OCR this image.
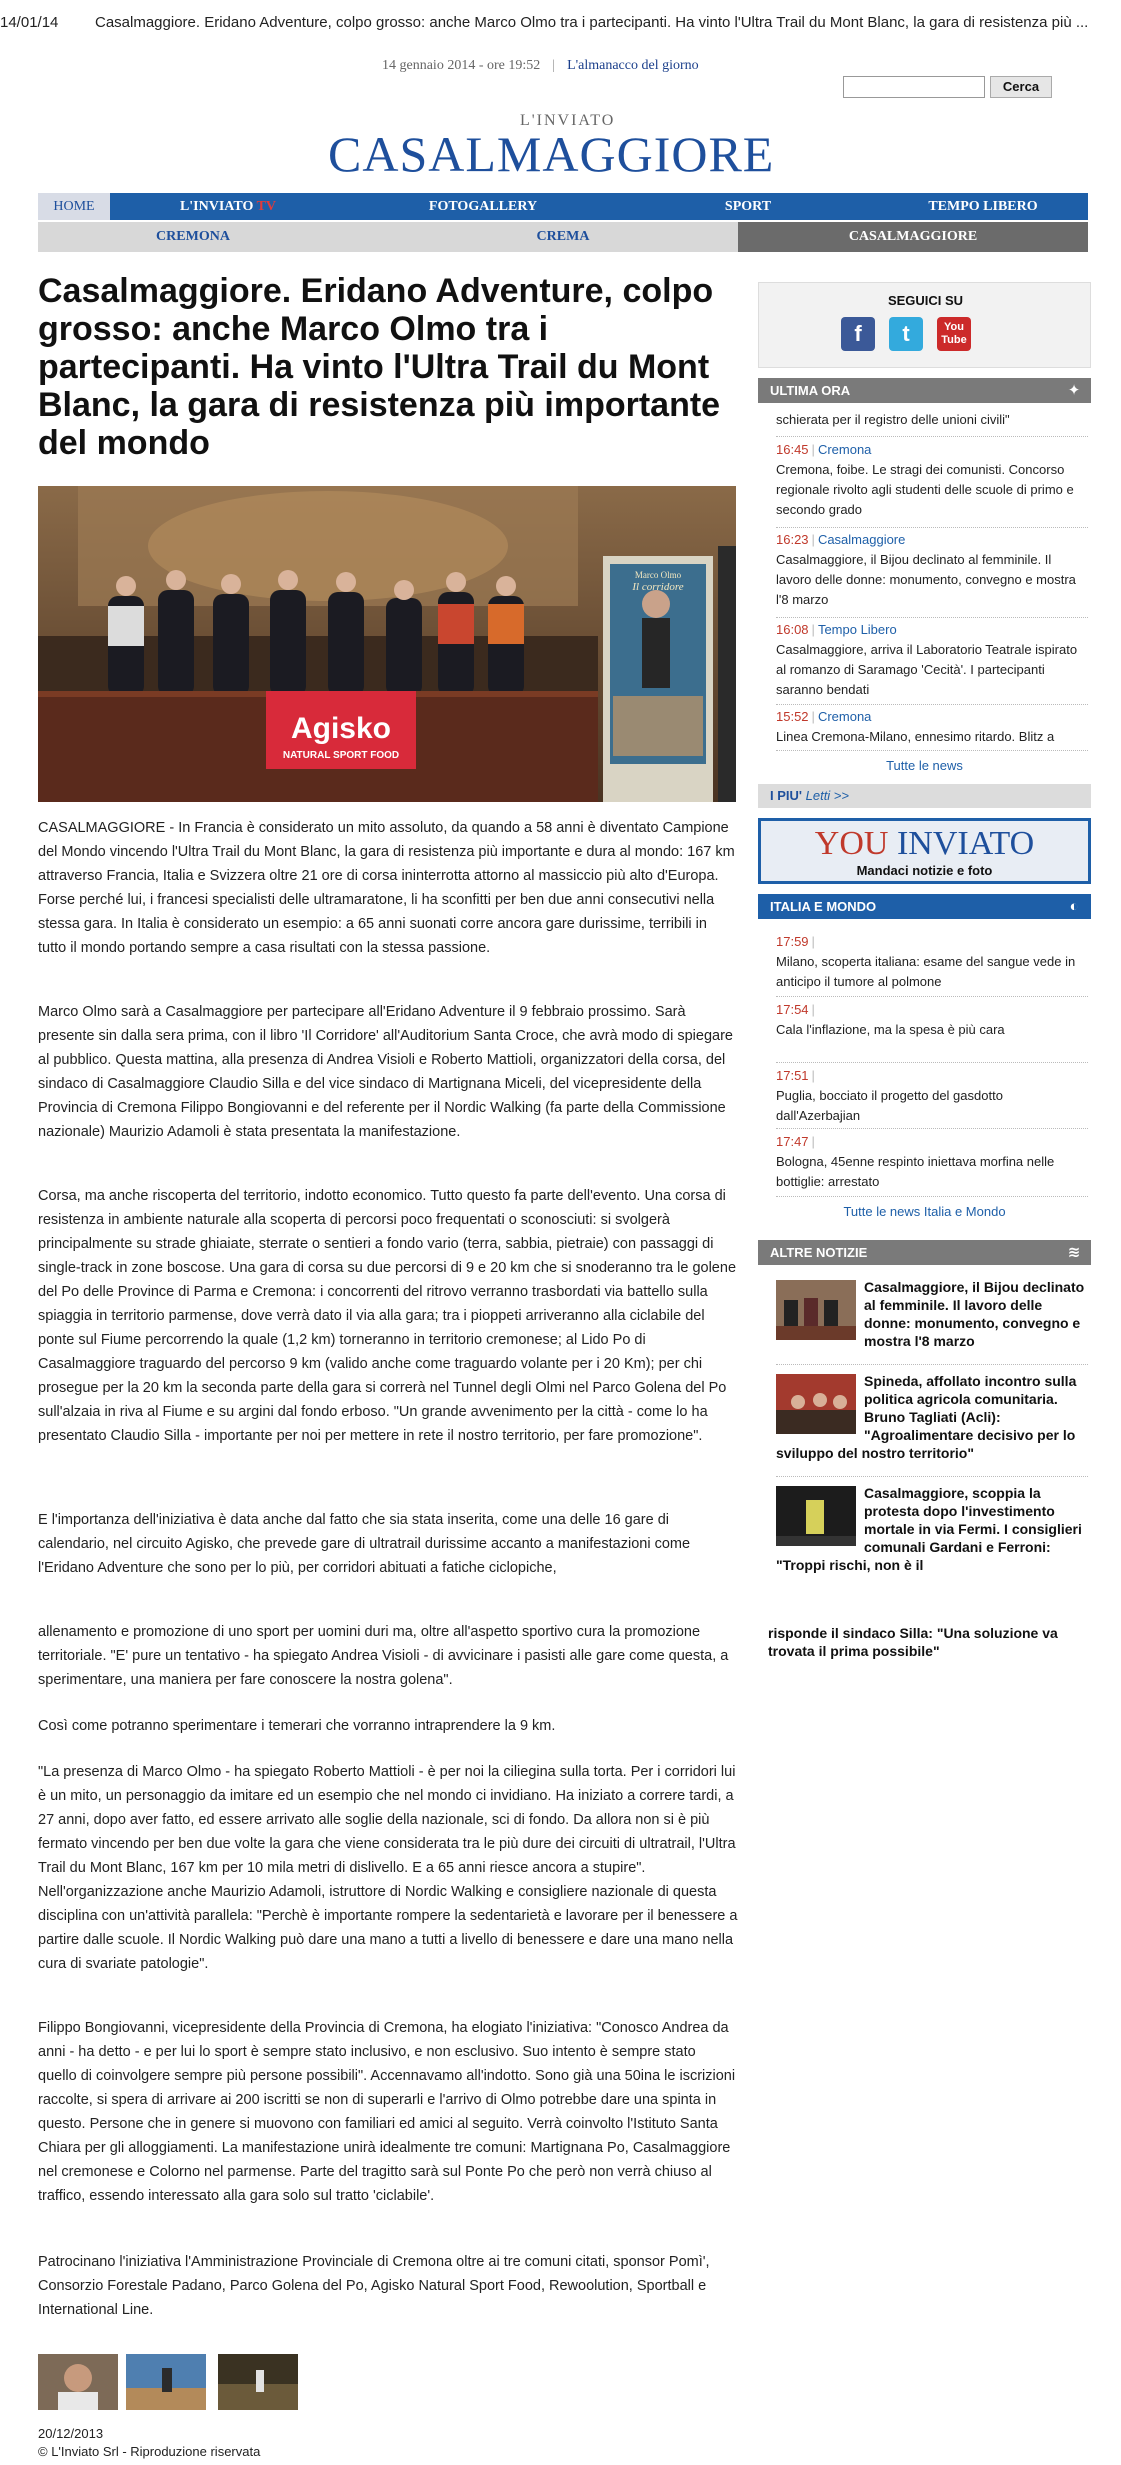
14/01/14 Casalmaggiore. Eridano Adventure, colpo grosso: anche Marco Olmo tra i partecipanti. Ha vinto l'Ultra Trail du Mont Blanc, la gara di resistenza più ...
14 gennaio 2014 - ore 19:52 | L'almanacco del giorno
Cerca
L'INVIATO
CASALMAGGIORE
HOME	L'INVIATO TV	FOTOGALLERY	SPORT	TEMPO LIBERO
CREMONA	CREMA	CASALMAGGIORE
Casalmaggiore. Eridano Adventure, colpo grosso: anche Marco Olmo tra i partecipanti. Ha vinto l'Ultra Trail du Mont Blanc, la gara di resistenza più importante del mondo
Agisko
NATURAL SPORT FOOD
Marco Olmo
Il corridore
CASALMAGGIORE - In Francia è considerato un mito assoluto, da quando a 58 anni è diventato Campione del Mondo vincendo l'Ultra Trail du Mont Blanc, la gara di resistenza più importante e dura al mondo: 167 km attraverso Francia, Italia e Svizzera oltre 21 ore di corsa ininterrotta attorno al massiccio più alto d'Europa. Forse perché lui, i francesi specialisti delle ultramaratone, li ha sconfitti per ben due anni consecutivi nella stessa gara. In Italia è considerato un esempio: a 65 anni suonati corre ancora gare durissime, terribili in tutto il mondo portando sempre a casa risultati con la stessa passione.
Marco Olmo sarà a Casalmaggiore per partecipare all'Eridano Adventure il 9 febbraio prossimo. Sarà presente sin dalla sera prima, con il libro 'Il Corridore' all'Auditorium Santa Croce, che avrà modo di spiegare al pubblico. Questa mattina, alla presenza di Andrea Visioli e Roberto Mattioli, organizzatori della corsa, del sindaco di Casalmaggiore Claudio Silla e del vice sindaco di Martignana Miceli, del vicepresidente della Provincia di Cremona Filippo Bongiovanni e del referente per il Nordic Walking (fa parte della Commissione nazionale) Maurizio Adamoli è stata presentata la manifestazione.
Corsa, ma anche riscoperta del territorio, indotto economico. Tutto questo fa parte dell'evento. Una corsa di resistenza in ambiente naturale alla scoperta di percorsi poco frequentati o sconosciuti: si svolgerà principalmente su strade ghiaiate, sterrate o sentieri a fondo vario (terra, sabbia, pietraie) con passaggi di single-track in zone boscose. Una gara di corsa su due percorsi di 9 e 20 km che si snoderanno tra le golene del Po delle Province di Parma e Cremona: i concorrenti del ritrovo verranno trasbordati via battello sulla spiaggia in territorio parmense, dove verrà dato il via alla gara; tra i pioppeti arriveranno alla ciclabile del ponte sul Fiume percorrendo la quale (1,2 km) torneranno in territorio cremonese; al Lido Po di Casalmaggiore traguardo del percorso 9 km (valido anche come traguardo volante per i 20 Km); per chi prosegue per la 20 km la seconda parte della gara si correrà nel Tunnel degli Olmi nel Parco Golena del Po sull'alzaia in riva al Fiume e su argini dal fondo erboso. "Un grande avvenimento per la città - come lo ha presentato Claudio Silla - importante per noi per mettere in rete il nostro territorio, per fare promozione".
E l'importanza dell'iniziativa è data anche dal fatto che sia stata inserita, come una delle 16 gare di calendario, nel circuito Agisko, che prevede gare di ultratrail durissime accanto a manifestazioni come l'Eridano Adventure che sono per lo più, per corridori abituati a fatiche ciclopiche,
allenamento e promozione di uno sport per uomini duri ma, oltre all'aspetto sportivo cura la promozione territoriale. "E' pure un tentativo - ha spiegato Andrea Visioli - di avvicinare i pasisti alle gare come questa, a sperimentare, una maniera per fare conoscere la nostra golena".
Così come potranno sperimentare i temerari che vorranno intraprendere la 9 km.
"La presenza di Marco Olmo - ha spiegato Roberto Mattioli - è per noi la ciliegina sulla torta. Per i corridori lui è un mito, un personaggio da imitare ed un esempio che nel mondo ci invidiano. Ha iniziato a correre tardi, a 27 anni, dopo aver fatto, ed essere arrivato alle soglie della nazionale, sci di fondo. Da allora non si è più fermato vincendo per ben due volte la gara che viene considerata tra le più dure dei circuiti di ultratrail, l'Ultra Trail du Mont Blanc, 167 km per 10 mila metri di dislivello. E a 65 anni riesce ancora a stupire". Nell'organizzazione anche Maurizio Adamoli, istruttore di Nordic Walking e consigliere nazionale di questa disciplina con un'attività parallela: "Perchè è importante rompere la sedentarietà e lavorare per il benessere a partire dalle scuole. Il Nordic Walking può dare una mano a tutti a livello di benessere e dare una mano nella cura di svariate patologie".
Filippo Bongiovanni, vicepresidente della Provincia di Cremona, ha elogiato l'iniziativa: "Conosco Andrea da anni - ha detto - e per lui lo sport è sempre stato inclusivo, e non esclusivo. Suo intento è sempre stato quello di coinvolgere sempre più persone possibili". Accennavamo all'indotto. Sono già una 50ina le iscrizioni raccolte, si spera di arrivare ai 200 iscritti se non di superarli e l'arrivo di Olmo potrebbe dare una spinta in questo. Persone che in genere si muovono con familiari ed amici al seguito. Verrà coinvolto l'Istituto Santa Chiara per gli alloggiamenti. La manifestazione unirà idealmente tre comuni: Martignana Po, Casalmaggiore nel cremonese e Colorno nel parmense. Parte del tragitto sarà sul Ponte Po che però non verrà chiuso al traffico, essendo interessato alla gara solo sul tratto 'ciclabile'.
Patrocinano l'iniziativa l'Amministrazione Provinciale di Cremona oltre ai tre comuni citati, sponsor Pomì', Consorzio Forestale Padano, Parco Golena del Po, Agisko Natural Sport Food, Rewoolution, Sportball e International Line.
20/12/2013
© L'Inviato Srl - Riproduzione riservata
SEGUICI SU
f	t	You
Tube
ULTIMA ORA	✦
schierata per il registro delle unioni civili"
16:45 | Cremona
Cremona, foibe. Le stragi dei comunisti. Concorso regionale rivolto agli studenti delle scuole di primo e secondo grado
16:23 | Casalmaggiore
Casalmaggiore, il Bijou declinato al femminile. Il lavoro delle donne: monumento, convegno e mostra l'8 marzo
16:08 | Tempo Libero
Casalmaggiore, arriva il Laboratorio Teatrale ispirato al romanzo di Saramago 'Cecità'. I partecipanti saranno bendati
15:52 | Cremona
Linea Cremona-Milano, ennesimo ritardo. Blitz a
Tutte le news
I PIU' Letti >>
YOU INVIATO
Mandaci notizie e foto
ITALIA E MONDO	◐
17:59 |
Milano, scoperta italiana: esame del sangue vede in anticipo il tumore al polmone
17:54 |
Cala l'inflazione, ma la spesa è più cara
17:51 |
Puglia, bocciato il progetto del gasdotto dall'Azerbajian
17:47 |
Bologna, 45enne respinto iniettava morfina nelle bottiglie: arrestato
Tutte le news Italia e Mondo
ALTRE NOTIZIE	≋
Casalmaggiore, il Bijou declinato al femminile. Il lavoro delle donne: monumento, convegno e mostra l'8 marzo
Spineda, affollato incontro sulla politica agricola comunitaria. Bruno Tagliati (Acli): "Agroalimentare decisivo per lo sviluppo del nostro territorio"
Casalmaggiore, scoppia la protesta dopo l'investimento mortale in via Fermi. I consiglieri comunali Gardani e Ferroni: "Troppi rischi, non è il
risponde il sindaco Silla: "Una soluzione va trovata il prima possibile"
